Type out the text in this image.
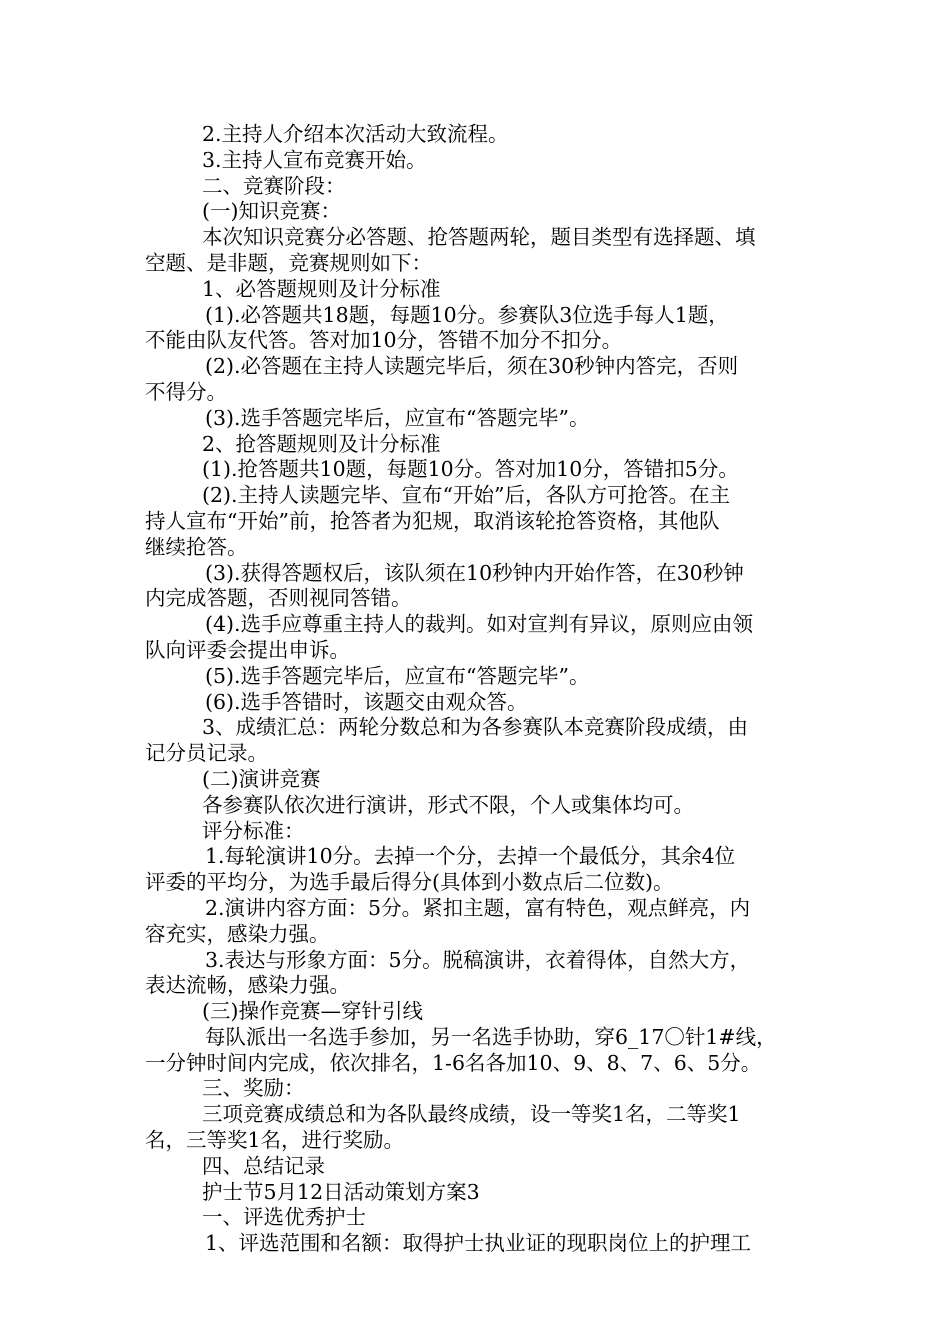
2.主持人介绍本次活动大致流程。
3.主持人宣布竞赛开始。
二、竞赛阶段：
(一)知识竞赛：
本次知识竞赛分必答题、抢答题两轮，题目类型有选择题、填
空题、是非题，竞赛规则如下：
1、必答题规则及计分标准
(1).必答题共18题，每题10分。参赛队3位选手每人1题，
不能由队友代答。答对加10分，答错不加分不扣分。
(2).必答题在主持人读题完毕后，须在30秒钟内答完，否则
不得分。
(3).选手答题完毕后，应宣布“答题完毕”。
2、抢答题规则及计分标准
(1).抢答题共10题，每题10分。答对加10分，答错扣5分。
(2).主持人读题完毕、宣布“开始”后，各队方可抢答。在主
持人宣布“开始”前，抢答者为犯规，取消该轮抢答资格，其他队
继续抢答。
(3).获得答题权后，该队须在10秒钟内开始作答，在30秒钟
内完成答题，否则视同答错。
(4).选手应尊重主持人的裁判。如对宣判有异议，原则应由领
队向评委会提出申诉。
(5).选手答题完毕后，应宣布“答题完毕”。
(6).选手答错时，该题交由观众答。
3、成绩汇总：两轮分数总和为各参赛队本竞赛阶段成绩，由
记分员记录。
(二)演讲竞赛
各参赛队依次进行演讲，形式不限，个人或集体均可。
评分标准：
1.每轮演讲10分。去掉一个分，去掉一个最低分，其余4位
评委的平均分，为选手最后得分(具体到小数点后二位数)。
2.演讲内容方面：5分。紧扣主题，富有特色，观点鲜亮，内
容充实，感染力强。
3.表达与形象方面：5分。脱稿演讲，衣着得体，自然大方，
表达流畅，感染力强。
(三)操作竞赛—穿针引线
每队派出一名选手参加，另一名选手协助，穿6_17〇针1#线，
一分钟时间内完成，依次排名，1-6名各加10、9、8、7、6、5分。
三、奖励：
三项竞赛成绩总和为各队最终成绩，设一等奖1名，二等奖1
名，三等奖1名，进行奖励。
四、总结记录
护士节5月12日活动策划方案3
一、评选优秀护士
1、评选范围和名额：取得护士执业证的现职岗位上的护理工
